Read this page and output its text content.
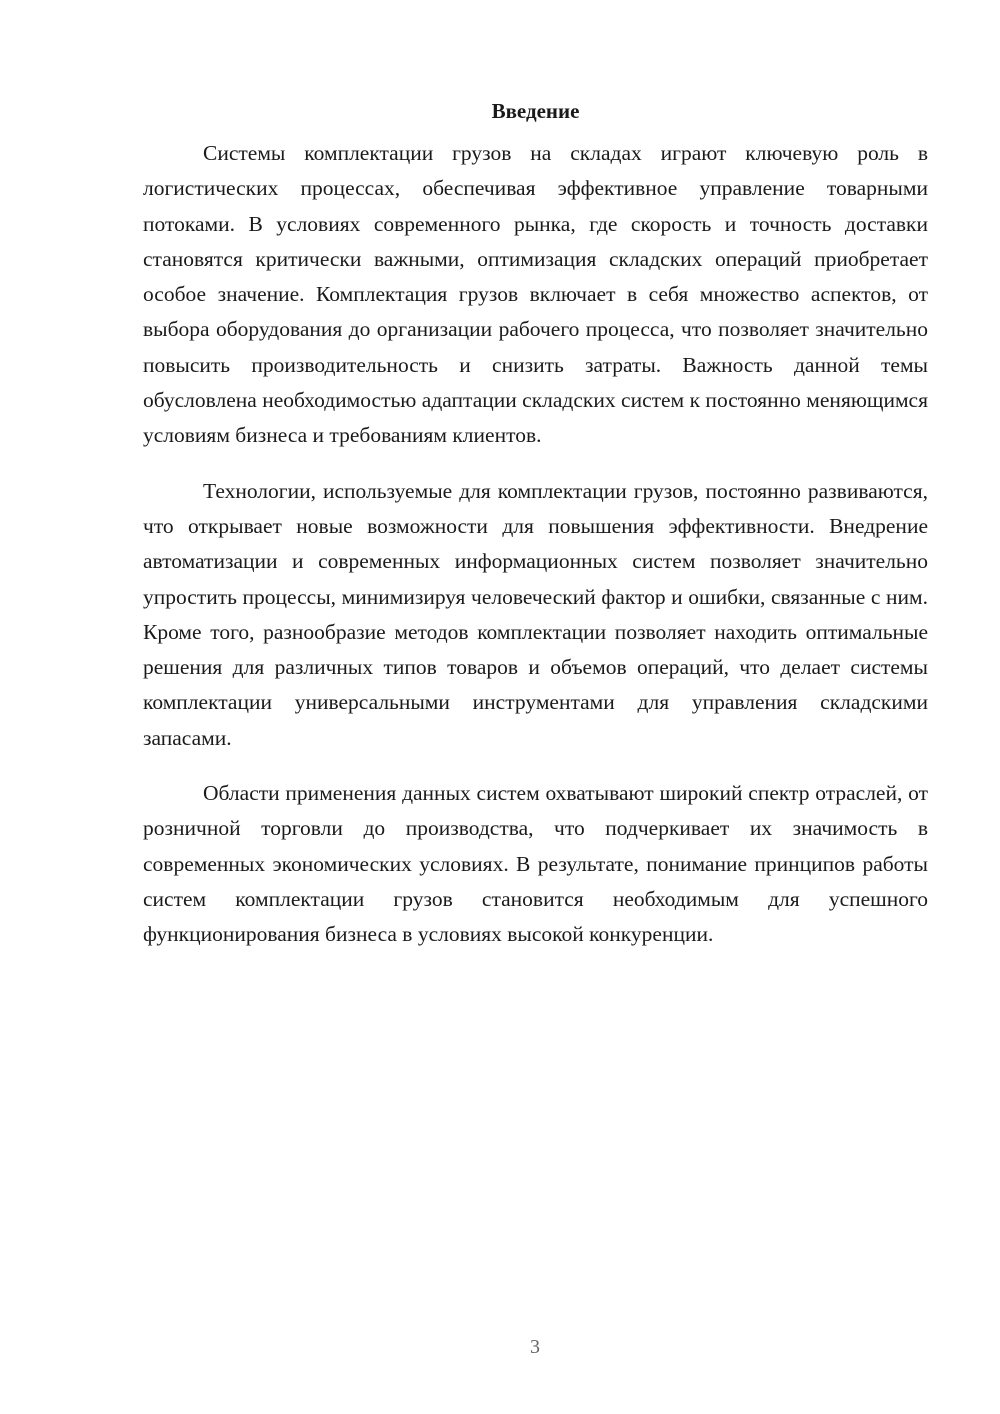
Введение

Системы комплектации грузов на складах играют ключевую роль в логистических процессах, обеспечивая эффективное управление товарными потоками. В условиях современного рынка, где скорость и точность доставки становятся критически важными, оптимизация складских операций приобретает особое значение. Комплектация грузов включает в себя множество аспектов, от выбора оборудования до организации рабочего процесса, что позволяет значительно повысить производительность и снизить затраты. Важность данной темы обусловлена необходимостью адаптации складских систем к постоянно меняющимся условиям бизнеса и требованиям клиентов.

Технологии, используемые для комплектации грузов, постоянно развиваются, что открывает новые возможности для повышения эффективности. Внедрение автоматизации и современных информационных систем позволяет значительно упростить процессы, минимизируя человеческий фактор и ошибки, связанные с ним. Кроме того, разнообразие методов комплектации позволяет находить оптимальные решения для различных типов товаров и объемов операций, что делает системы комплектации универсальными инструментами для управления складскими запасами.

Области применения данных систем охватывают широкий спектр отраслей, от розничной торговли до производства, что подчеркивает их значимость в современных экономических условиях. В результате, понимание принципов работы систем комплектации грузов становится необходимым для успешного функционирования бизнеса в условиях высокой конкуренции.

3
